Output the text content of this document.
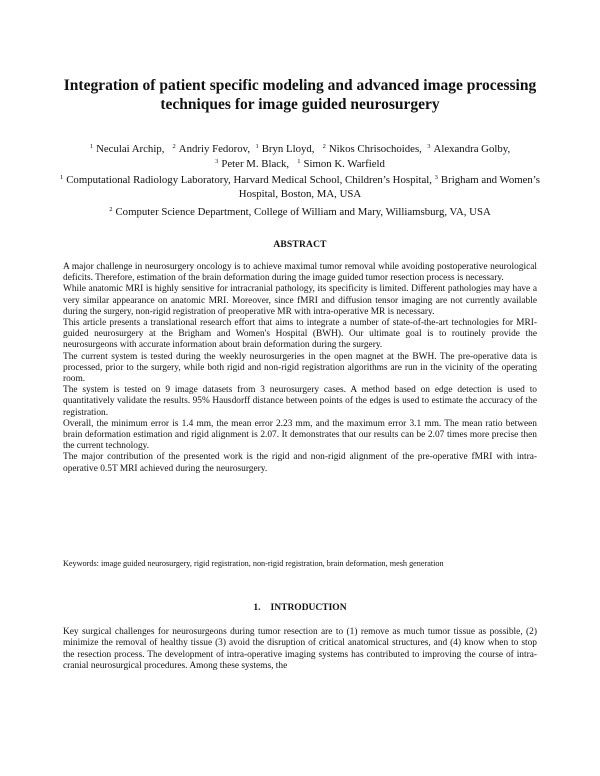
Integration of patient specific modeling and advanced image processing techniques for image guided neurosurgery
$^1$ Neculai Archip, $^2$ Andriy Fedorov, $^1$ Bryn Lloyd, $^2$ Nikos Chrisochoides, $^3$ Alexandra Golby,
$^3$ Peter M. Black, $^1$ Simon K. Warfield
$^1$ Computational Radiology Laboratory, Harvard Medical School, Children’s Hospital, $^3$ Brigham and Women’s Hospital, Boston, MA, USA
$^2$ Computer Science Department, College of William and Mary, Williamsburg, VA, USA
ABSTRACT

A major challenge in neurosurgery oncology is to achieve maximal tumor removal while avoiding postoperative neurological deficits. Therefore, estimation of the brain deformation during the image guided tumor resection process is necessary.

While anatomic MRI is highly sensitive for intracranial pathology, its specificity is limited. Different pathologies may have a very similar appearance on anatomic MRI. Moreover, since fMRI and diffusion tensor imaging are not currently available during the surgery, non-rigid registration of preoperative MR with intra-operative MR is necessary.

This article presents a translational research effort that aims to integrate a number of state-of-the-art technologies for MRI-guided neurosurgery at the Brigham and Women's Hospital (BWH). Our ultimate goal is to routinely provide the neurosurgeons with accurate information about brain deformation during the surgery.

The current system is tested during the weekly neurosurgeries in the open magnet at the BWH. The pre-operative data is processed, prior to the surgery, while both rigid and non-rigid registration algorithms are run in the vicinity of the operating room.

The system is tested on 9 image datasets from 3 neurosurgery cases. A method based on edge detection is used to quantitatively validate the results. 95% Hausdorff distance between points of the edges is used to estimate the accuracy of the registration.

Overall, the minimum error is 1.4 mm, the mean error 2.23 mm, and the maximum error 3.1 mm. The mean ratio between brain deformation estimation and rigid alignment is 2.07. It demonstrates that our results can be 2.07 times more precise then the current technology.

The major contribution of the presented work is the rigid and non-rigid alignment of the pre-operative fMRI with intra-operative 0.5T MRI achieved during the neurosurgery.

Keywords: image guided neurosurgery, rigid registration, non-rigid registration, brain deformation, mesh generation
1. INTRODUCTION

Key surgical challenges for neurosurgeons during tumor resection are to (1) remove as much tumor tissue as possible, (2) minimize the removal of healthy tissue (3) avoid the disruption of critical anatomical structures, and (4) know when to stop the resection process. The development of intra-operative imaging systems has contributed to improving the course of intra-cranial neurosurgical procedures. Among these systems, the
